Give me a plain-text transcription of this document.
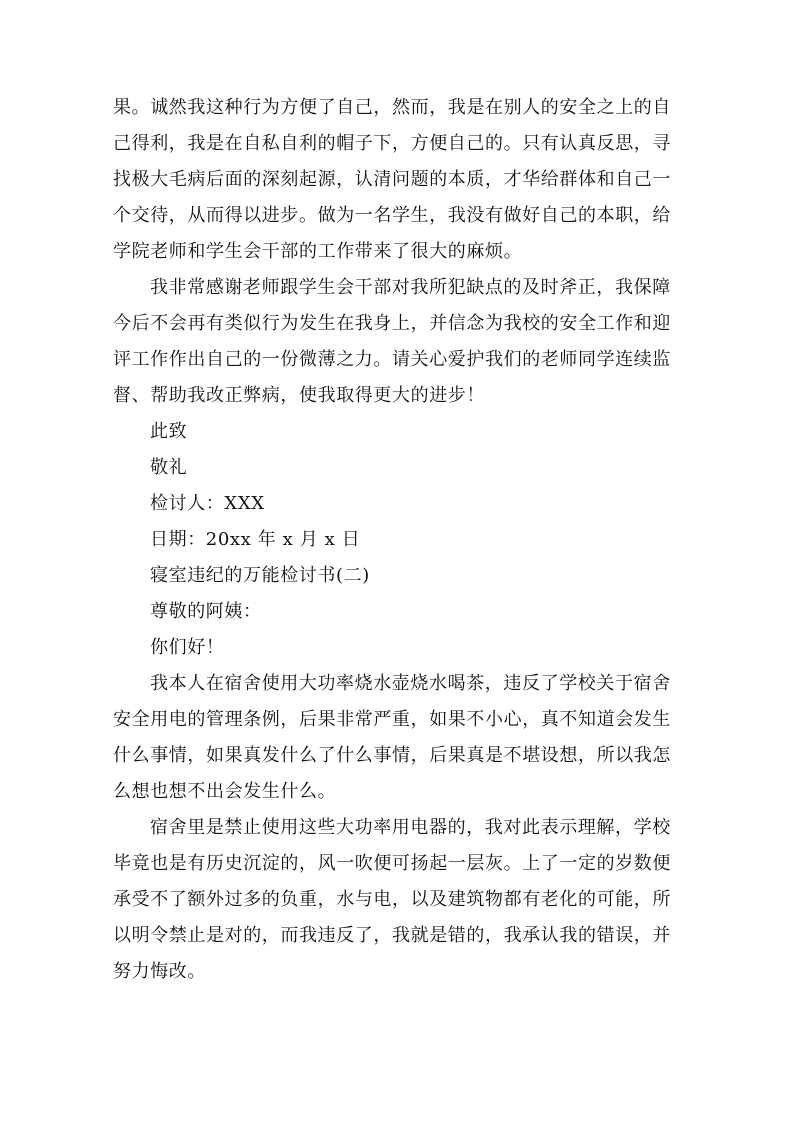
果。诚然我这种行为方便了自己，然而，我是在别人的安全之上的自
己得利，我是在自私自利的帽子下，方便自己的。只有认真反思，寻
找极大毛病后面的深刻起源，认清问题的本质，才华给群体和自己一
个交待，从而得以进步。做为一名学生，我没有做好自己的本职，给
学院老师和学生会干部的工作带来了很大的麻烦。
我非常感谢老师跟学生会干部对我所犯缺点的及时斧正，我保障
今后不会再有类似行为发生在我身上，并信念为我校的安全工作和迎
评工作作出自己的一份微薄之力。请关心爱护我们的老师同学连续监
督、帮助我改正弊病，使我取得更大的进步！
此致
敬礼
检讨人：XXX
日期：20xx 年 x 月 x 日
寝室违纪的万能检讨书(二)
尊敬的阿姨：
你们好！
我本人在宿舍使用大功率烧水壶烧水喝茶，违反了学校关于宿舍
安全用电的管理条例，后果非常严重，如果不小心，真不知道会发生
什么事情，如果真发什么了什么事情，后果真是不堪设想，所以我怎
么想也想不出会发生什么。
宿舍里是禁止使用这些大功率用电器的，我对此表示理解，学校
毕竟也是有历史沉淀的，风一吹便可扬起一层灰。上了一定的岁数便
承受不了额外过多的负重，水与电，以及建筑物都有老化的可能，所
以明令禁止是对的，而我违反了，我就是错的，我承认我的错误，并
努力悔改。
